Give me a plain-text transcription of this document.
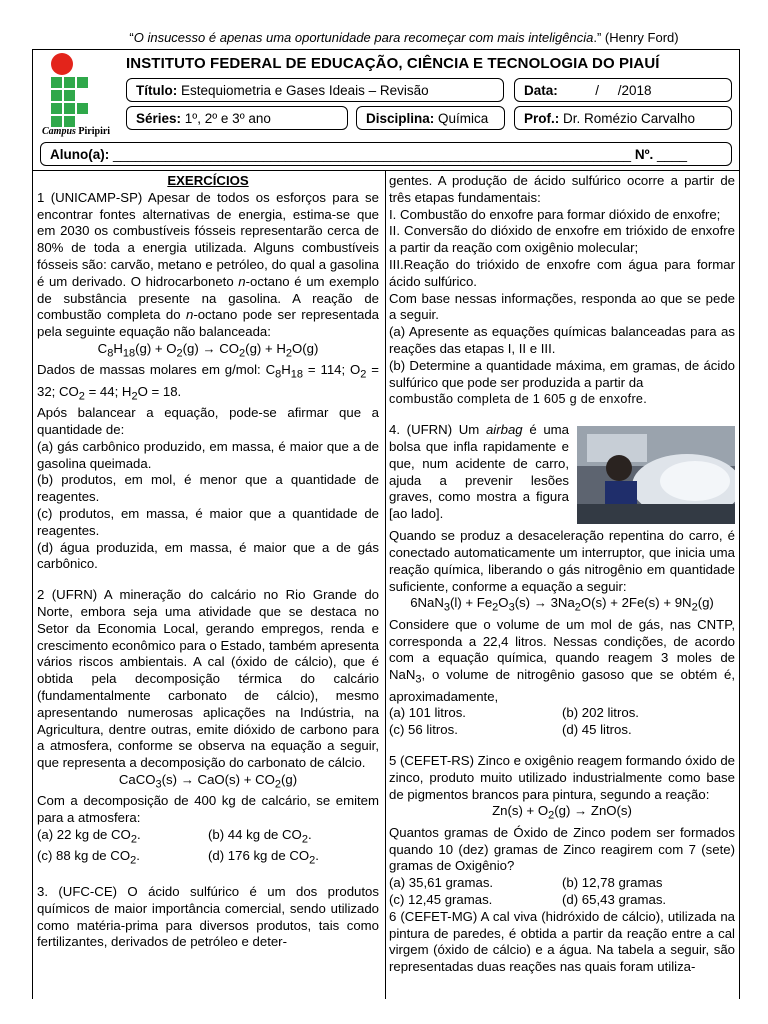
“O insucesso é apenas uma oportunidade para recomeçar com mais inteligência.” (Henry Ford)
Campus Piripiri
INSTITUTO FEDERAL DE EDUCAÇÃO, CIÊNCIA E TECNOLOGIA DO PIAUÍ
Título: Estequiometria e Gases Ideais – Revisão	Data:	/     /2018
Séries: 1º, 2º e 3º ano	Disciplina: Química	Prof.: Dr. Romézio Carvalho
Aluno(a): _____________________________________________________________________ Nº. ____

EXERCÍCIOS

1 (UNICAMP-SP) Apesar de todos os esforços para se encontrar fontes alternativas de energia, estima-se que em 2030 os combustíveis fósseis representarão cerca de 80% de toda a energia utilizada. Alguns combustíveis fósseis são: carvão, metano e petróleo, do qual a gasolina é um derivado. O hidrocarboneto n-octano é um exemplo de substância presente na gasolina. A reação de combustão completa do n-octano pode ser representada pela seguinte equação não balanceada:

$C_8H_{18}(g) + O_2(g) \to CO_2(g) + H_2O(g)$

Dados de massas molares em g/mol: $C_8H_{18} = 114$; $O_2 = 32$; $CO_2 = 44$; $H_2O = 18$.

Após balancear a equação, pode-se afirmar que a quantidade de:

(a) gás carbônico produzido, em massa, é maior que a de gasolina queimada.

(b) produtos, em mol, é menor que a quantidade de reagentes.

(c) produtos, em massa, é maior que a quantidade de reagentes.

(d) água produzida, em massa, é maior que a de gás carbônico.

2 (UFRN) A mineração do calcário no Rio Grande do Norte, embora seja uma atividade que se destaca no Setor da Economia Local, gerando empregos, renda e crescimento econômico para o Estado, também apresenta vários riscos ambientais. A cal (óxido de cálcio), que é obtida pela decomposição térmica do calcário (fundamentalmente carbonato de cálcio), mesmo apresentando numerosas aplicações na Indústria, na Agricultura, dentre outras, emite dióxido de carbono para a atmosfera, conforme se observa na equação a seguir, que representa a decomposição do carbonato de cálcio.

CaCO$_3$(s) → $CaO(s) + CO_2(g)$

Com a decomposição de 400 kg de calcário, se emitem para a atmosfera:

(a) 22 kg de $CO_2$.	(b) 44 kg de $CO_2$.
(c) 88 kg de $CO_2$.	(d) 176 kg de $CO_2$.

3. (UFC-CE) O ácido sulfúrico é um dos produtos químicos de maior importância comercial, sendo utilizado como matéria-prima para diversos produtos, tais como fertilizantes, derivados de petróleo e deter-

gentes. A produção de ácido sulfúrico ocorre a partir de três etapas fundamentais:

I. Combustão do enxofre para formar dióxido de enxofre;

II. Conversão do dióxido de enxofre em trióxido de enxofre a partir da reação com oxigênio molecular;

III.Reação do trióxido de enxofre com água para formar ácido sulfúrico.

Com base nessas informações, responda ao que se pede a seguir.

(a) Apresente as equações químicas balanceadas para as reações das etapas I, II e III.

(b) Determine a quantidade máxima, em gramas, de ácido sulfúrico que pode ser produzida a partir da

combustão completa de 1 605 g de enxofre.

4. (UFRN) Um airbag é uma bolsa que infla rapidamente e que, num acidente de carro, ajuda a prevenir lesões graves, como mostra a figura [ao lado].

Quando se produz a desaceleração repentina do carro, é conectado automaticamente um interruptor, que inicia uma reação química, liberando o gás nitrogênio em quantidade suficiente, conforme a equação a seguir:

$6NaN_3(l) + Fe_2O_3(s) \to 3Na_2O(s) + 2Fe(s) + 9N_2(g)$

Considere que o volume de um mol de gás, nas CNTP, corresponda a 22,4 litros. Nessas condições, de acordo com a equação química, quando reagem 3 moles de NaN$_3$, o volume de nitrogênio gasoso que se obtém é, aproximadamente,

(a) 101 litros.	(b) 202 litros.
(c) 56 litros.	(d) 45 litros.

5 (CEFET-RS) Zinco e oxigênio reagem formando óxido de zinco, produto muito utilizado industrialmente como base de pigmentos brancos para pintura, segundo a reação:

$Zn(s) + O_2(g) \to ZnO(s)$

Quantos gramas de Óxido de Zinco podem ser formados quando 10 (dez) gramas de Zinco reagirem com 7 (sete) gramas de Oxigênio?

(a) 35,61 gramas.	(b) 12,78 gramas
(c) 12,45 gramas.	(d) 65,43 gramas.

6 (CEFET-MG) A cal viva (hidróxido de cálcio), utilizada na pintura de paredes, é obtida a partir da reação entre a cal virgem (óxido de cálcio) e a água. Na tabela a seguir, são representadas duas reações nas quais foram utiliza-
